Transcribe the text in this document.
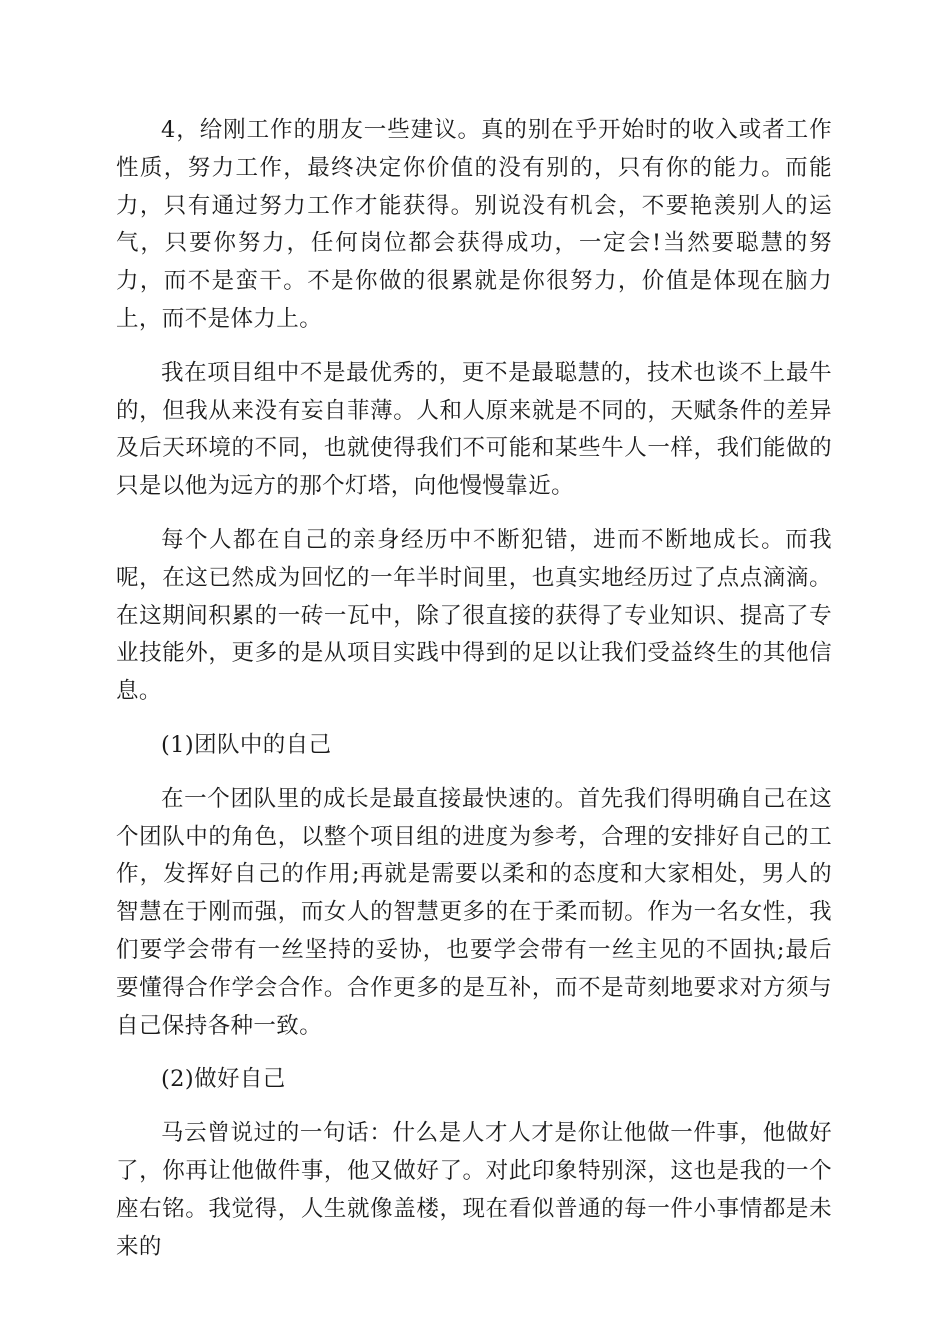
4，给刚工作的朋友一些建议。真的别在乎开始时的收入或者工作性质，努力工作，最终决定你价值的没有别的，只有你的能力。而能力，只有通过努力工作才能获得。别说没有机会，不要艳羡别人的运气，只要你努力，任何岗位都会获得成功，一定会!当然要聪慧的努力，而不是蛮干。不是你做的很累就是你很努力，价值是体现在脑力上，而不是体力上。

我在项目组中不是最优秀的，更不是最聪慧的，技术也谈不上最牛的，但我从来没有妄自菲薄。人和人原来就是不同的，天赋条件的差异及后天环境的不同，也就使得我们不可能和某些牛人一样，我们能做的只是以他为远方的那个灯塔，向他慢慢靠近。

每个人都在自己的亲身经历中不断犯错，进而不断地成长。而我呢，在这已然成为回忆的一年半时间里，也真实地经历过了点点滴滴。在这期间积累的一砖一瓦中，除了很直接的获得了专业知识、提高了专业技能外，更多的是从项目实践中得到的足以让我们受益终生的其他信息。

(1)团队中的自己

在一个团队里的成长是最直接最快速的。首先我们得明确自己在这个团队中的角色，以整个项目组的进度为参考，合理的安排好自己的工作，发挥好自己的作用;再就是需要以柔和的态度和大家相处，男人的智慧在于刚而强，而女人的智慧更多的在于柔而韧。作为一名女性，我们要学会带有一丝坚持的妥协，也要学会带有一丝主见的不固执;最后要懂得合作学会合作。合作更多的是互补，而不是苛刻地要求对方须与自己保持各种一致。

(2)做好自己

马云曾说过的一句话：什么是人才人才是你让他做一件事，他做好了，你再让他做件事，他又做好了。对此印象特别深，这也是我的一个座右铭。我觉得，人生就像盖楼，现在看似普通的每一件小事情都是未来的
